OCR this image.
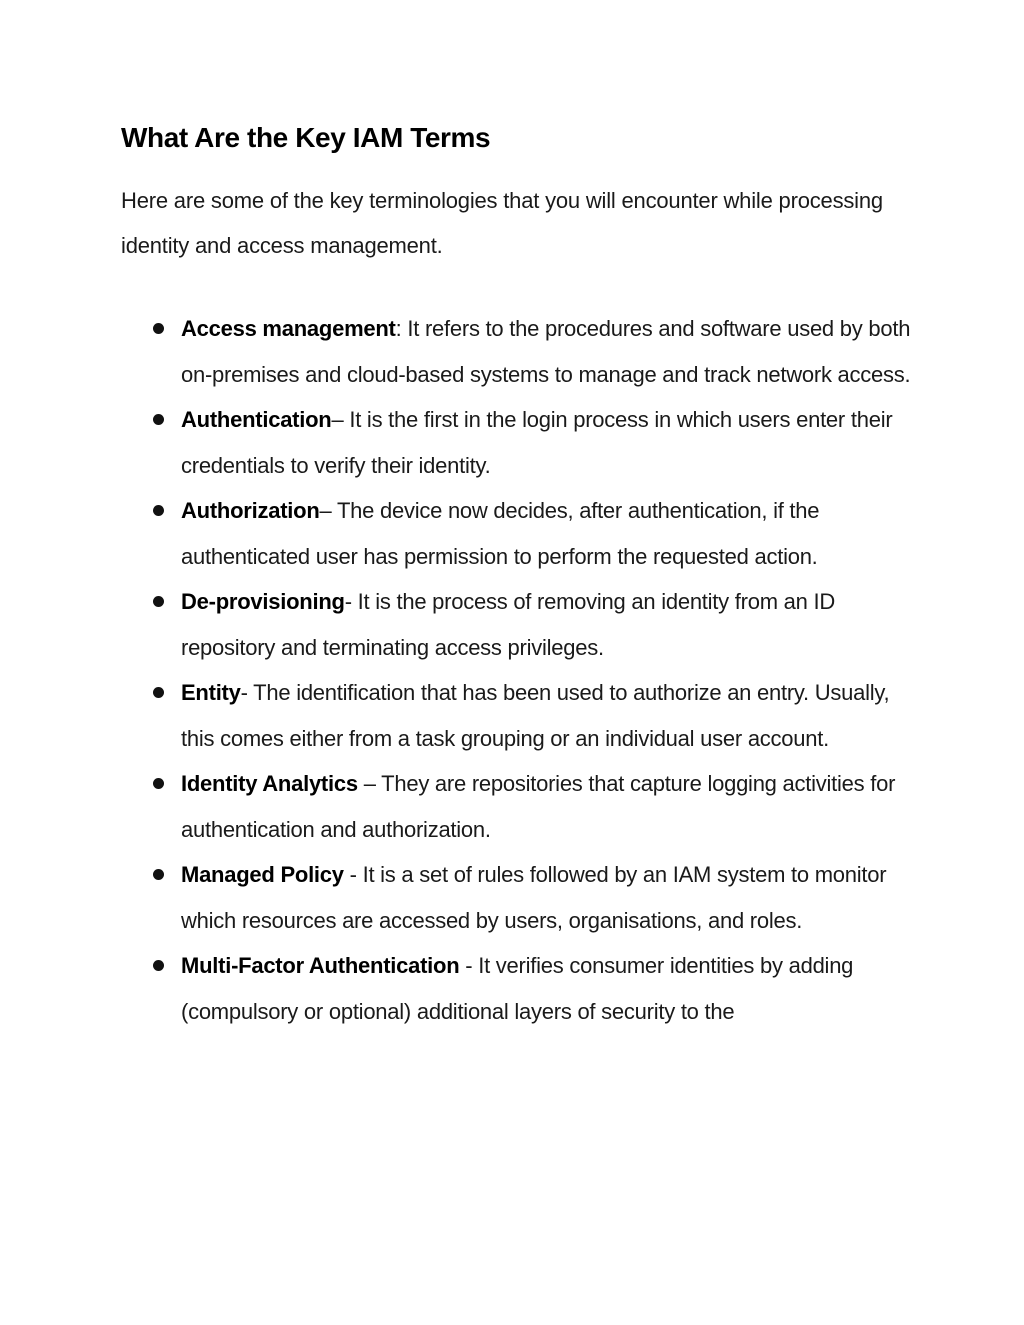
What Are the Key IAM Terms

Here are some of the key terminologies that you will encounter while processing identity and access management.

Access management: It refers to the procedures and software used by both on-premises and cloud-based systems to manage and track network access.
Authentication– It is the first in the login process in which users enter their credentials to verify their identity.
Authorization– The device now decides, after authentication, if the authenticated user has permission to perform the requested action.
De-provisioning- It is the process of removing an identity from an ID repository and terminating access privileges.
Entity- The identification that has been used to authorize an entry. Usually, this comes either from a task grouping or an individual user account.
Identity Analytics – They are repositories that capture logging activities for authentication and authorization.
Managed Policy - It is a set of rules followed by an IAM system to monitor which resources are accessed by users, organisations, and roles.
Multi-Factor Authentication - It verifies consumer identities by adding (compulsory or optional) additional layers of security to the
